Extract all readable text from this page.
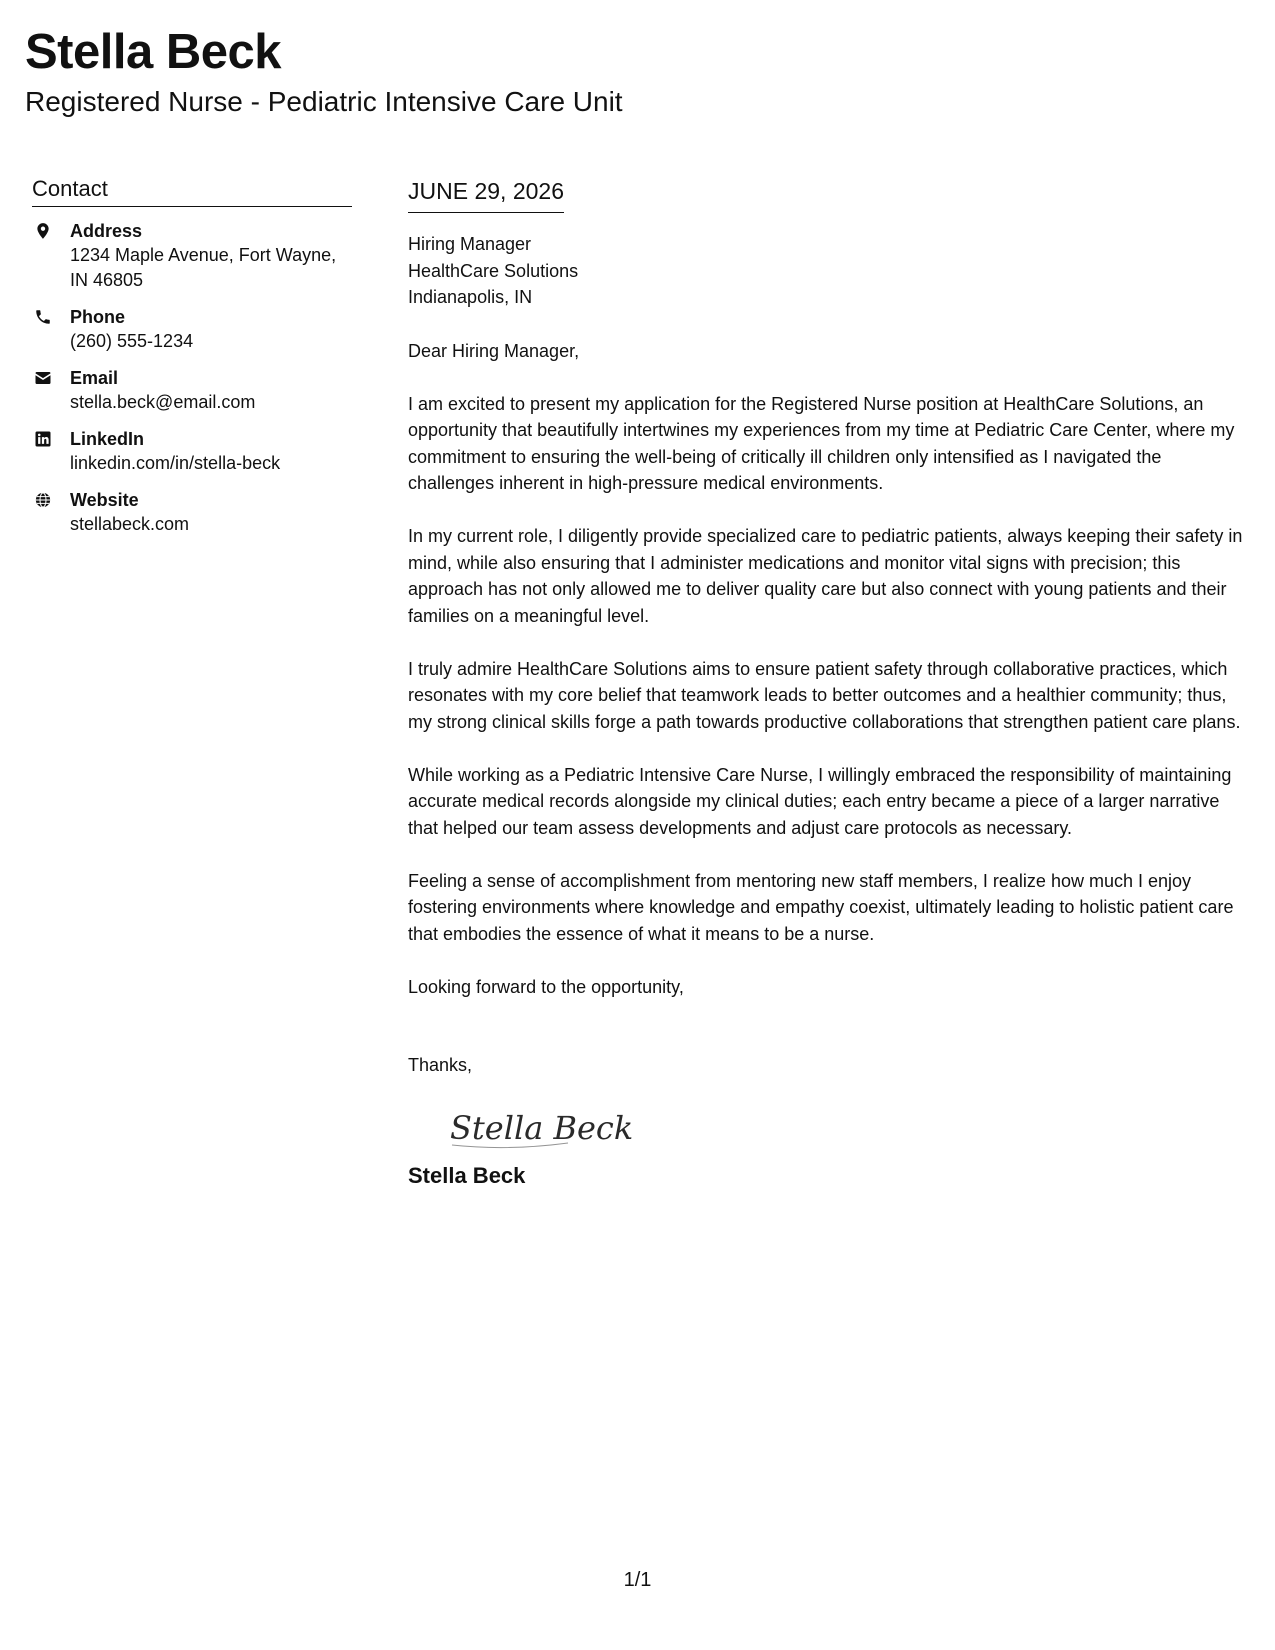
Stella Beck
Registered Nurse - Pediatric Intensive Care Unit
Contact
Address
1234 Maple Avenue, Fort Wayne, IN 46805
Phone
(260) 555-1234
Email
stella.beck@email.com
LinkedIn
linkedin.com/in/stella-beck
Website
stellabeck.com
JUNE 29, 2026
Hiring Manager
HealthCare Solutions
Indianapolis, IN
Dear Hiring Manager,
I am excited to present my application for the Registered Nurse position at HealthCare Solutions, an opportunity that beautifully intertwines my experiences from my time at Pediatric Care Center, where my commitment to ensuring the well-being of critically ill children only intensified as I navigated the challenges inherent in high-pressure medical environments.
In my current role, I diligently provide specialized care to pediatric patients, always keeping their safety in mind, while also ensuring that I administer medications and monitor vital signs with precision; this approach has not only allowed me to deliver quality care but also connect with young patients and their families on a meaningful level.
I truly admire HealthCare Solutions aims to ensure patient safety through collaborative practices, which resonates with my core belief that teamwork leads to better outcomes and a healthier community; thus, my strong clinical skills forge a path towards productive collaborations that strengthen patient care plans.
While working as a Pediatric Intensive Care Nurse, I willingly embraced the responsibility of maintaining accurate medical records alongside my clinical duties; each entry became a piece of a larger narrative that helped our team assess developments and adjust care protocols as necessary.
Feeling a sense of accomplishment from mentoring new staff members, I realize how much I enjoy fostering environments where knowledge and empathy coexist, ultimately leading to holistic patient care that embodies the essence of what it means to be a nurse.
Looking forward to the opportunity,
Thanks,
Stella Beck
Stella Beck
1/1
